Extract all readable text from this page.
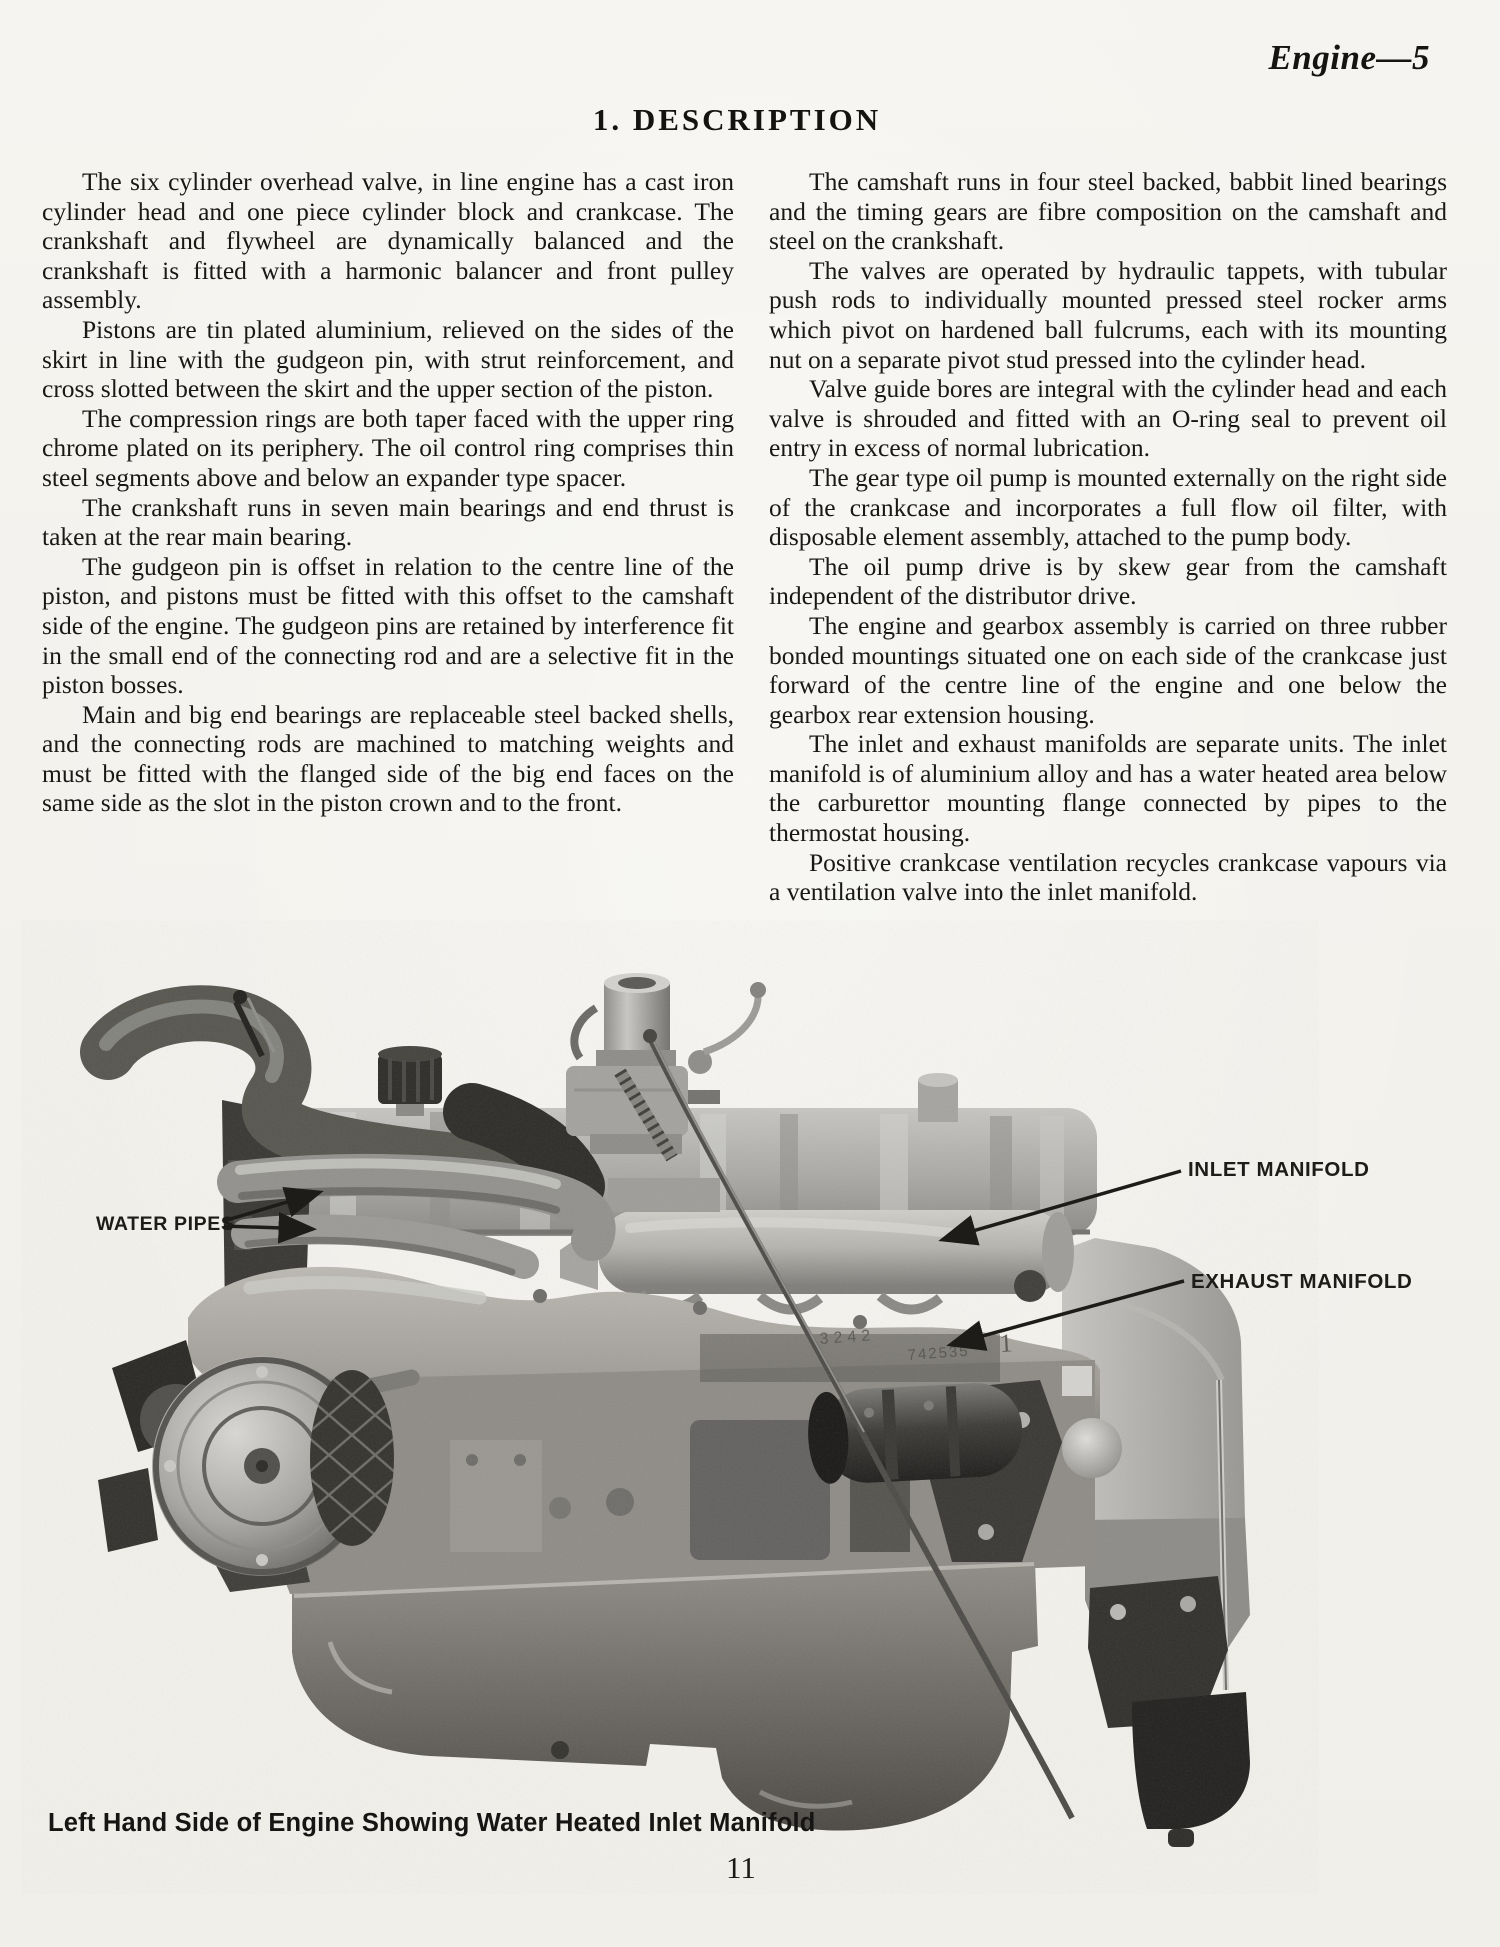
Engine—5
1. DESCRIPTION

The six cylinder overhead valve, in line engine has a cast iron cylinder head and one piece cylinder block and crankcase. The crankshaft and flywheel are dynamically balanced and the crankshaft is fitted with a harmonic balancer and front pulley assembly.

Pistons are tin plated aluminium, relieved on the sides of the skirt in line with the gudgeon pin, with strut reinforcement, and cross slotted between the skirt and the upper section of the piston.

The compression rings are both taper faced with the upper ring chrome plated on its periphery. The oil control ring comprises thin steel segments above and below an expander type spacer.

The crankshaft runs in seven main bearings and end thrust is taken at the rear main bearing.

The gudgeon pin is offset in relation to the centre line of the piston, and pistons must be fitted with this offset to the camshaft side of the engine. The gudgeon pins are retained by interference fit in the small end of the connecting rod and are a selective fit in the piston bosses.

Main and big end bearings are replaceable steel backed shells, and the connecting rods are machined to matching weights and must be fitted with the flanged side of the big end faces on the same side as the slot in the piston crown and to the front.

The camshaft runs in four steel backed, babbit lined bearings and the timing gears are fibre composition on the camshaft and steel on the crankshaft.

The valves are operated by hydraulic tappets, with tubular push rods to individually mounted pressed steel rocker arms which pivot on hardened ball fulcrums, each with its mounting nut on a separate pivot stud pressed into the cylinder head.

Valve guide bores are integral with the cylinder head and each valve is shrouded and fitted with an O-ring seal to prevent oil entry in excess of normal lubrication.

The gear type oil pump is mounted externally on the right side of the crankcase and incorporates a full flow oil filter, with disposable element assembly, attached to the pump body.

The oil pump drive is by skew gear from the camshaft independent of the distributor drive.

The engine and gearbox assembly is carried on three rubber bonded mountings situated one on each side of the crankcase just forward of the centre line of the engine and one below the gearbox rear extension housing.

The inlet and exhaust manifolds are separate units. The inlet manifold is of aluminium alloy and has a water heated area below the carburettor mounting flange connected by pipes to the thermostat housing.

Positive crankcase ventilation recycles crankcase vapours via a ventilation valve into the inlet manifold.

WATER PIPES
INLET MANIFOLD
EXHAUST MANIFOLD
Left Hand Side of Engine Showing Water Heated Inlet Manifold
11
